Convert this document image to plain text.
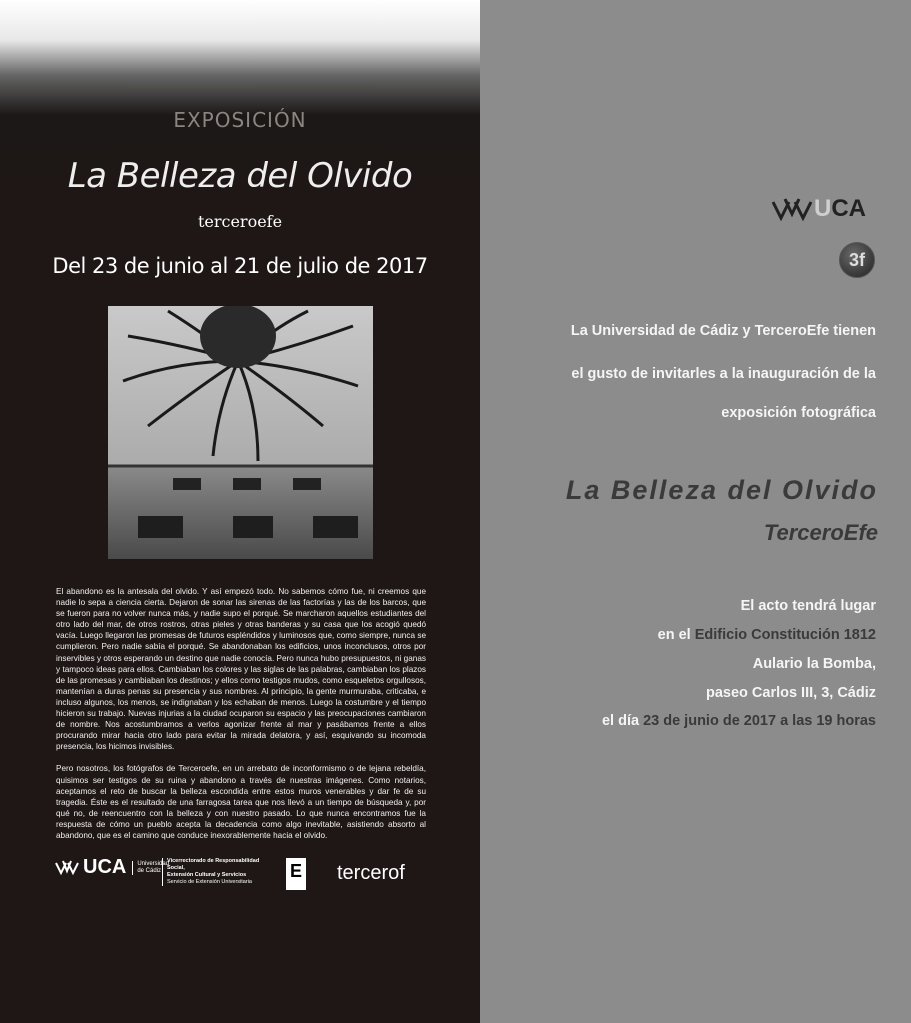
EXPOSICIÓN
La Belleza del Olvido
terceroefe
Del 23 de junio al 21 de julio de 2017

El abandono es la antesala del olvido. Y así empezó todo. No sabemos cómo fue, ni creemos que nadie lo sepa a ciencia cierta. Dejaron de sonar las sirenas de las factorías y las de los barcos, que se fueron para no volver nunca más, y nadie supo el porqué. Se marcharon aquellos estudiantes del otro lado del mar, de otros rostros, otras pieles y otras banderas y su casa que los acogió quedó vacía. Luego llegaron las promesas de futuros espléndidos y luminosos que, como siempre, nunca se cumplieron. Pero nadie sabía el porqué. Se abandonaban los edificios, unos inconclusos, otros por inservibles y otros esperando un destino que nadie conocía. Pero nunca hubo presupuestos, ni ganas y tampoco ideas para ellos. Cambiaban los colores y las siglas de las palabras, cambiaban los plazos de las promesas y cambiaban los destinos; y ellos como testigos mudos, como esqueletos orgullosos, mantenían a duras penas su presencia y sus nombres. Al principio, la gente murmuraba, criticaba, e incluso algunos, los menos, se indignaban y los echaban de menos. Luego la costumbre y el tiempo hicieron su trabajo. Nuevas injurias a la ciudad ocuparon su espacio y las preocupaciones cambiaron de nombre. Nos acostumbramos a verlos agonizar frente al mar y pasábamos frente a ellos procurando mirar hacia otro lado para evitar la mirada delatora, y así, esquivando su incomoda presencia, los hicimos invisibles.

Pero nosotros, los fotógrafos de Terceroefe, en un arrebato de inconformismo o de lejana rebeldía, quisimos ser testigos de su ruina y abandono a través de nuestras imágenes. Como notarios, aceptamos el reto de buscar la belleza escondida entre estos muros venerables y dar fe de su tragedia. Éste es el resultado de una farragosa tarea que nos llevó a un tiempo de búsqueda y, por qué no, de reencuentro con la belleza y con nuestro pasado. Lo que nunca encontramos fue la respuesta de cómo un pueblo acepta la decadencia como algo inevitable, asistiendo absorto al abandono, que es el camino que conduce inexorablemente hacia el olvido.

UCA	Universidad
de Cádiz
Vicerrectorado de Responsabilidad Social,
Extensión Cultural y Servicios
Servicio de Extensión Universitaria
E tercerof
U CA
3f
La Universidad de Cádiz y TerceroEfe tienen
el gusto de invitarles a la inauguración de la
exposición fotográfica
La Belleza del Olvido
TerceroEfe
El acto tendrá lugar
en el Edificio Constitución 1812
Aulario la Bomba,
paseo Carlos III, 3, Cádiz
el día 23 de junio de 2017 a las 19 horas
